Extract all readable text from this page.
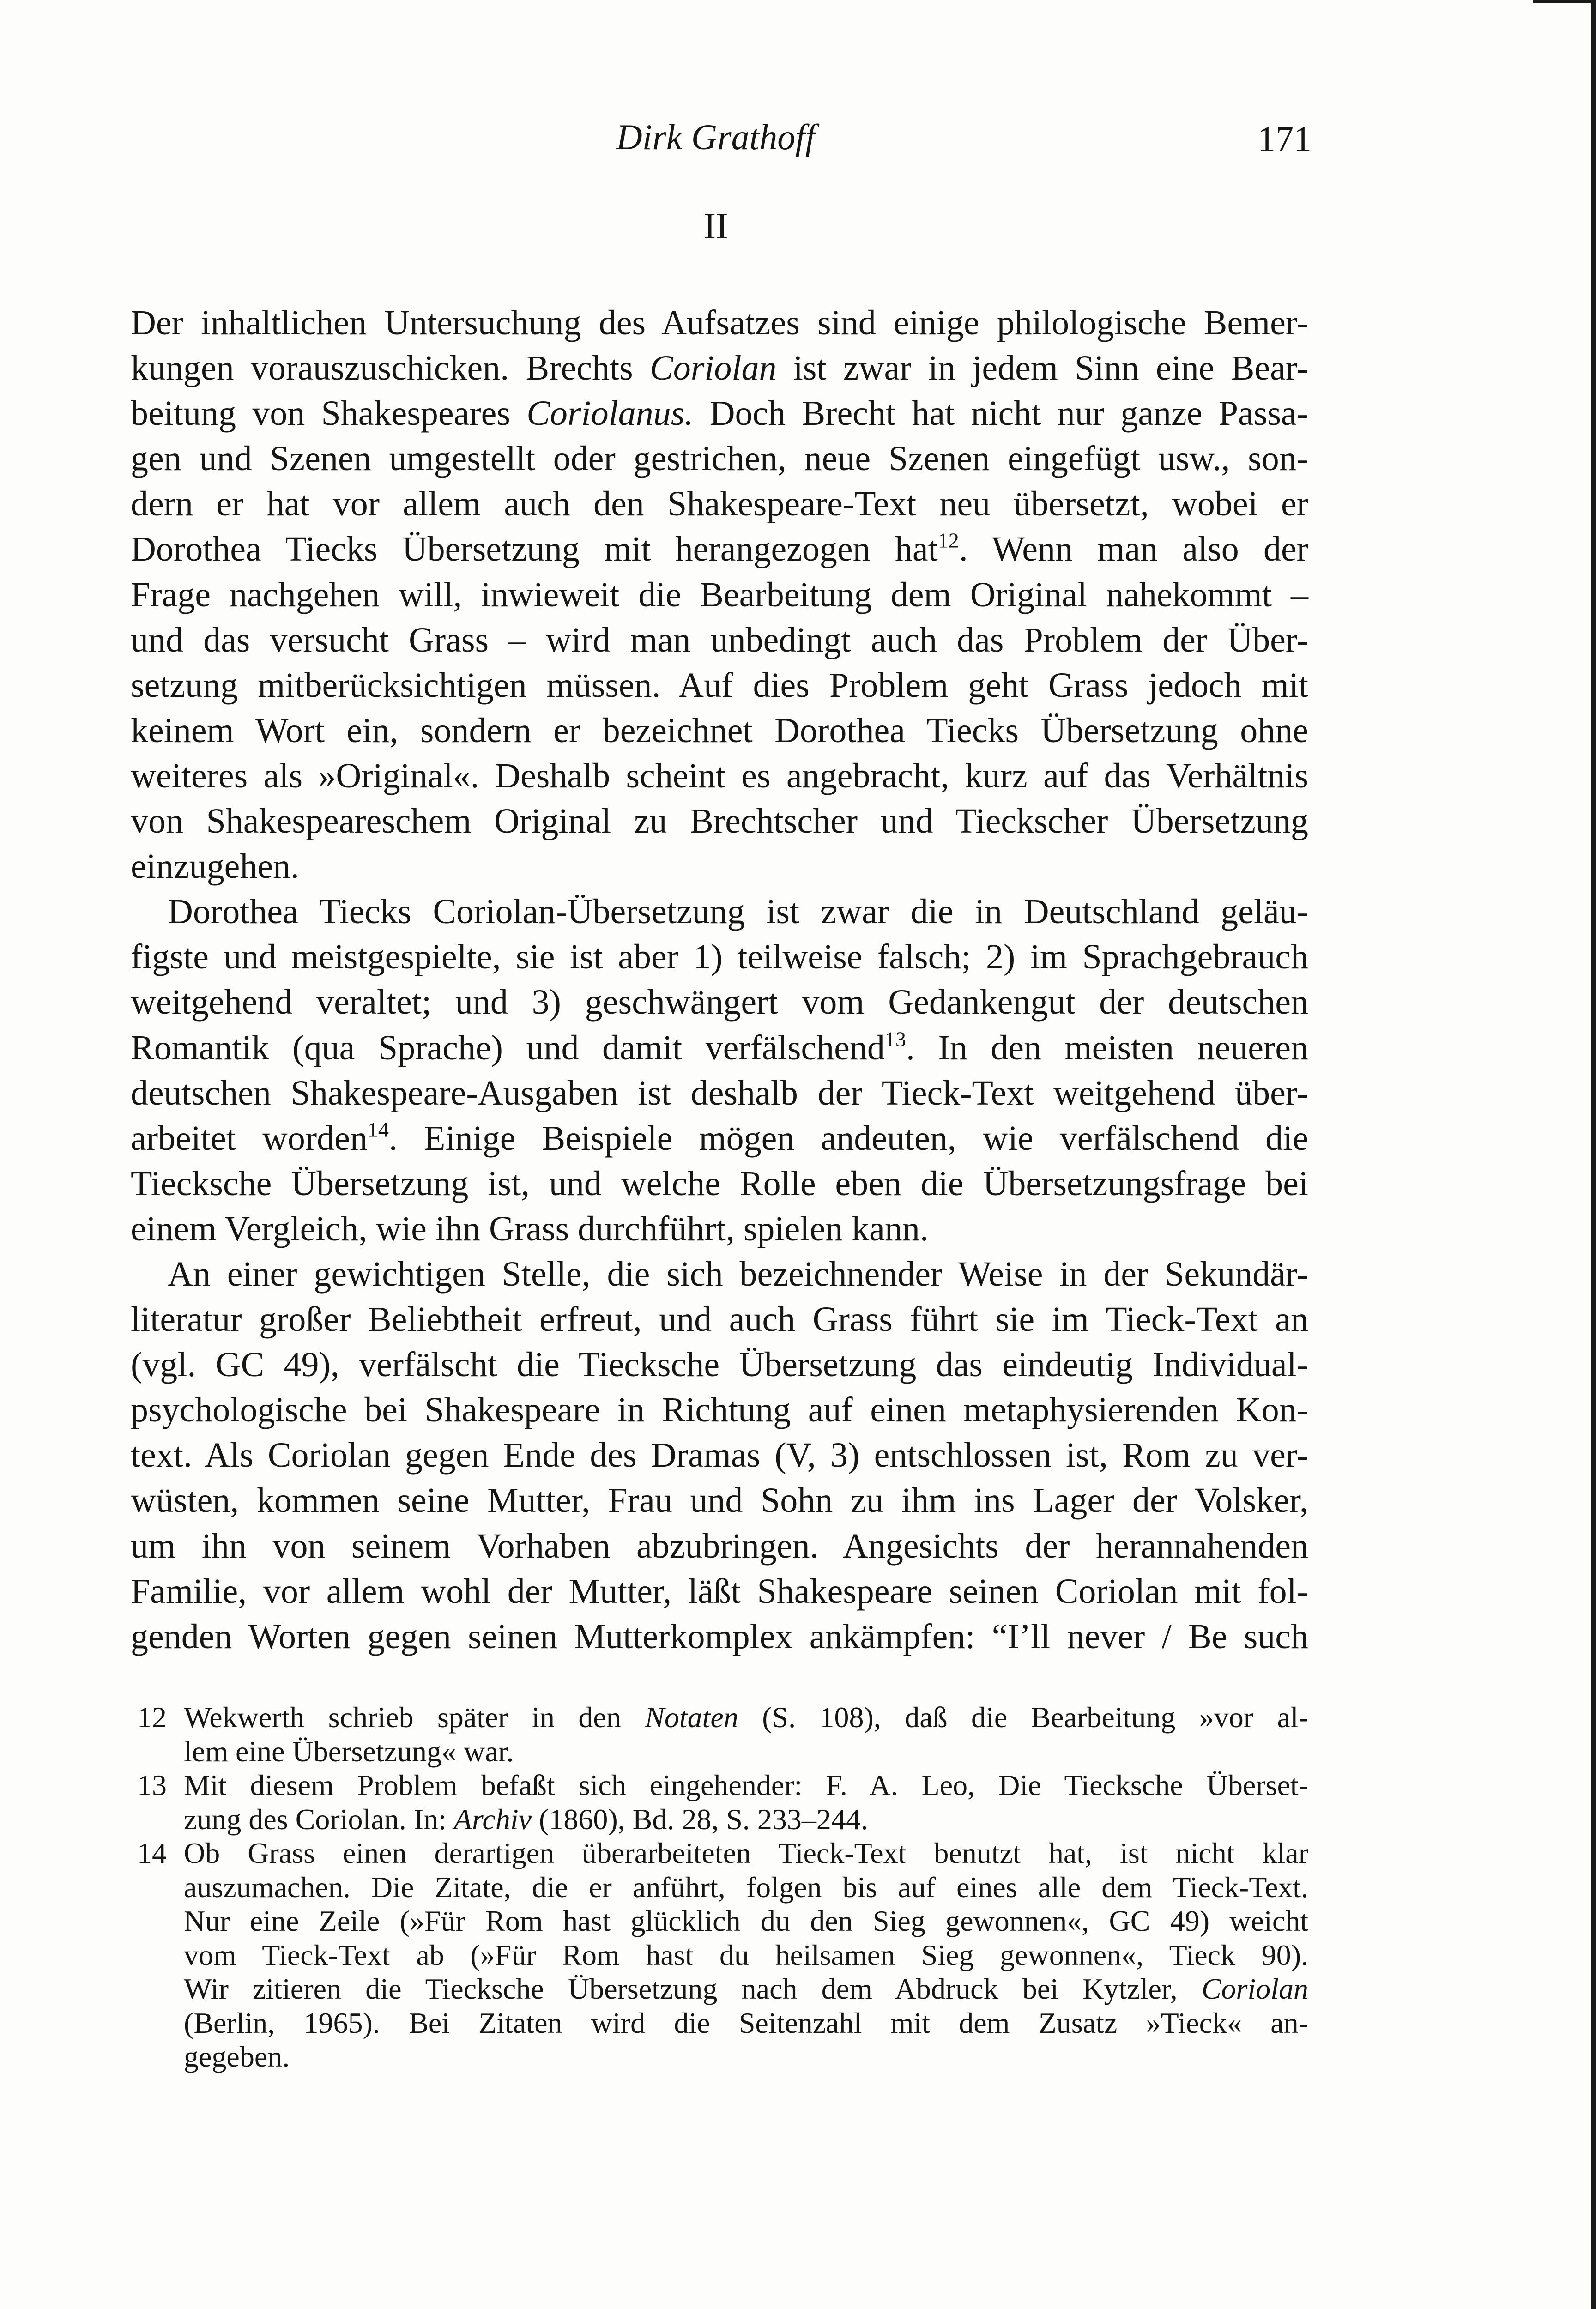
Dirk Grathoff	171
II
Der inhaltlichen Untersuchung des Aufsatzes sind einige philologische Bemer-
kungen vorauszuschicken. Brechts Coriolan ist zwar in jedem Sinn eine Bear-
beitung von Shakespeares Coriolanus. Doch Brecht hat nicht nur ganze Passa-
gen und Szenen umgestellt oder gestrichen, neue Szenen eingefügt usw., son-
dern er hat vor allem auch den Shakespeare-Text neu übersetzt, wobei er
Dorothea Tiecks Übersetzung mit herangezogen hat$^{12}$. Wenn man also der
Frage nachgehen will, inwieweit die Bearbeitung dem Original nahekommt –
und das versucht Grass – wird man unbedingt auch das Problem der Über-
setzung mitberücksichtigen müssen. Auf dies Problem geht Grass jedoch mit
keinem Wort ein, sondern er bezeichnet Dorothea Tiecks Übersetzung ohne
weiteres als »Original«. Deshalb scheint es angebracht, kurz auf das Verhältnis
von Shakespeareschem Original zu Brechtscher und Tieckscher Übersetzung
einzugehen.
Dorothea Tiecks Coriolan-Übersetzung ist zwar die in Deutschland geläu-
figste und meistgespielte, sie ist aber 1) teilweise falsch; 2) im Sprachgebrauch
weitgehend veraltet; und 3) geschwängert vom Gedankengut der deutschen
Romantik (qua Sprache) und damit verfälschend$^{13}$. In den meisten neueren
deutschen Shakespeare-Ausgaben ist deshalb der Tieck-Text weitgehend über-
arbeitet worden$^{14}$. Einige Beispiele mögen andeuten, wie verfälschend die
Tiecksche Übersetzung ist, und welche Rolle eben die Übersetzungsfrage bei
einem Vergleich, wie ihn Grass durchführt, spielen kann.
An einer gewichtigen Stelle, die sich bezeichnender Weise in der Sekundär-
literatur großer Beliebtheit erfreut, und auch Grass führt sie im Tieck-Text an
(vgl. GC 49), verfälscht die Tiecksche Übersetzung das eindeutig Individual-
psychologische bei Shakespeare in Richtung auf einen metaphysierenden Kon-
text. Als Coriolan gegen Ende des Dramas (V, 3) entschlossen ist, Rom zu ver-
wüsten, kommen seine Mutter, Frau und Sohn zu ihm ins Lager der Volsker,
um ihn von seinem Vorhaben abzubringen. Angesichts der herannahenden
Familie, vor allem wohl der Mutter, läßt Shakespeare seinen Coriolan mit fol-
genden Worten gegen seinen Mutterkomplex ankämpfen: “I’ll never / Be such
12 Wekwerth schrieb später in den Notaten (S. 108), daß die Bearbeitung »vor al-
lem eine Übersetzung« war.
13 Mit diesem Problem befaßt sich eingehender: F. A. Leo, Die Tiecksche Überset-
zung des Coriolan. In: Archiv (1860), Bd. 28, S. 233–244.
14 Ob Grass einen derartigen überarbeiteten Tieck-Text benutzt hat, ist nicht klar
auszumachen. Die Zitate, die er anführt, folgen bis auf eines alle dem Tieck-Text.
Nur eine Zeile (»Für Rom hast glücklich du den Sieg gewonnen«, GC 49) weicht
vom Tieck-Text ab (»Für Rom hast du heilsamen Sieg gewonnen«, Tieck 90).
Wir zitieren die Tiecksche Übersetzung nach dem Abdruck bei Kytzler, Coriolan
(Berlin, 1965). Bei Zitaten wird die Seitenzahl mit dem Zusatz »Tieck« an-
gegeben.
